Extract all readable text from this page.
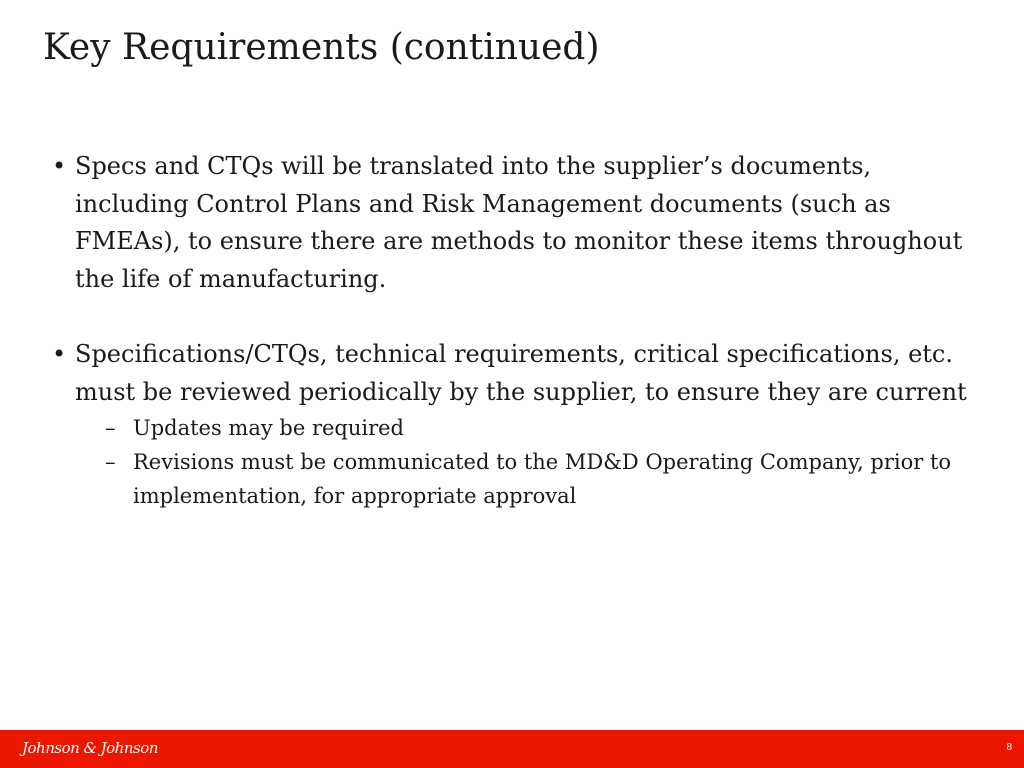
Key Requirements (continued)
• Specs and CTQs will be translated into the supplier’s documents, including Control Plans and Risk Management documents (such as FMEAs), to ensure there are methods to monitor these items throughout the life of manufacturing.
• Specifications/CTQs, technical requirements, critical specifications, etc. must be reviewed periodically by the supplier, to ensure they are current
– Updates may be required
– Revisions must be communicated to the MD&D Operating Company, prior to implementation, for appropriate approval
Johnson & Johnson	8
